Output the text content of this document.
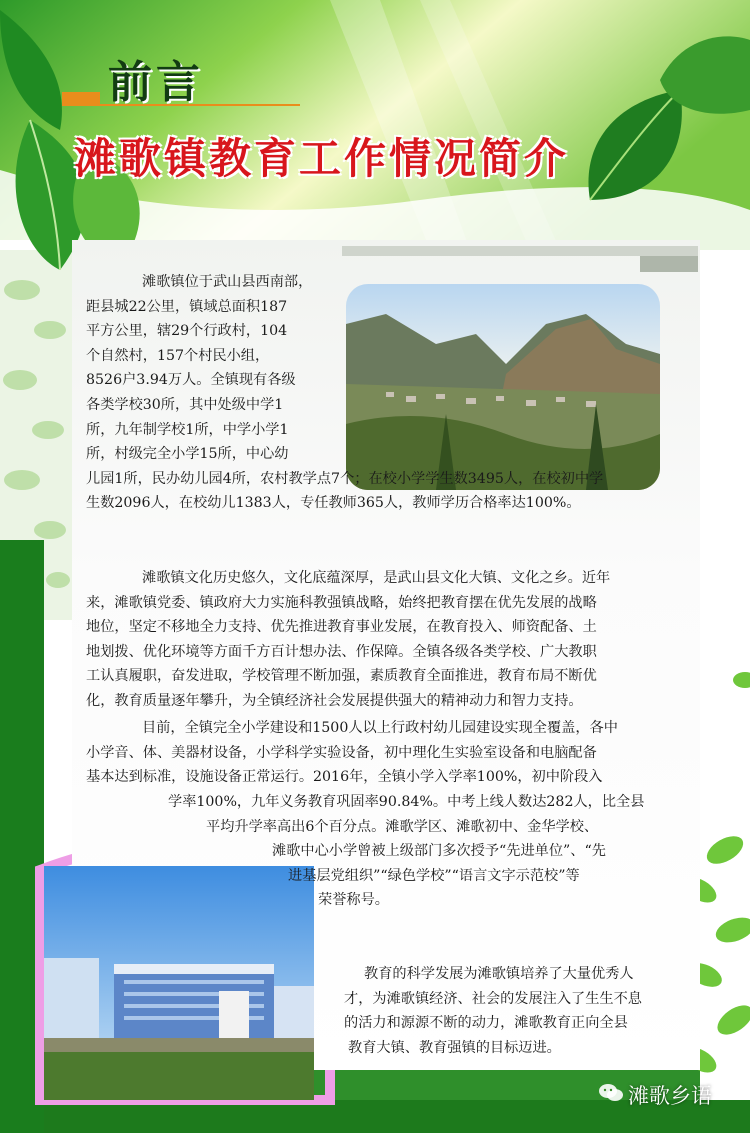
前言
滩歌镇教育工作情况简介
滩歌镇位于武山县西南部，
距县城22公里，镇域总面积187
平方公里，辖29个行政村，104
个自然村，157个村民小组，
8526户3.94万人。全镇现有各级
各类学校30所，其中处级中学1
所，九年制学校1所，中学小学1
所，村级完全小学15所，中心幼
儿园1所，民办幼儿园4所，农村教学点7个；在校小学学生数3495人，在校初中学
生数2096人，在校幼儿1383人，专任教师365人，教师学历合格率达100%。
滩歌镇文化历史悠久，文化底蕴深厚，是武山县文化大镇、文化之乡。近年
来，滩歌镇党委、镇政府大力实施科教强镇战略，始终把教育摆在优先发展的战略
地位，坚定不移地全力支持、优先推进教育事业发展，在教育投入、师资配备、土
地划拨、优化环境等方面千方百计想办法、作保障。全镇各级各类学校、广大教职
工认真履职，奋发进取，学校管理不断加强，素质教育全面推进，教育布局不断优
化，教育质量逐年攀升，为全镇经济社会发展提供强大的精神动力和智力支持。
目前，全镇完全小学建设和1500人以上行政村幼儿园建设实现全覆盖，各中
小学音、体、美器材设备，小学科学实验设备，初中理化生实验室设备和电脑配备
基本达到标准，设施设备正常运行。2016年，全镇小学入学率100%，初中阶段入
学率100%，九年义务教育巩固率90.84%。中考上线人数达282人，比全县
平均升学率高出6个百分点。滩歌学区、滩歌初中、金华学校、
滩歌中心小学曾被上级部门多次授予“先进单位”、“先
进基层党组织”“绿色学校”“语言文字示范校”等
荣誉称号。
教育的科学发展为滩歌镇培养了大量优秀人
才，为滩歌镇经济、社会的发展注入了生生不息
的活力和源源不断的动力，滩歌教育正向全县
教育大镇、教育强镇的目标迈进。
滩歌乡语
